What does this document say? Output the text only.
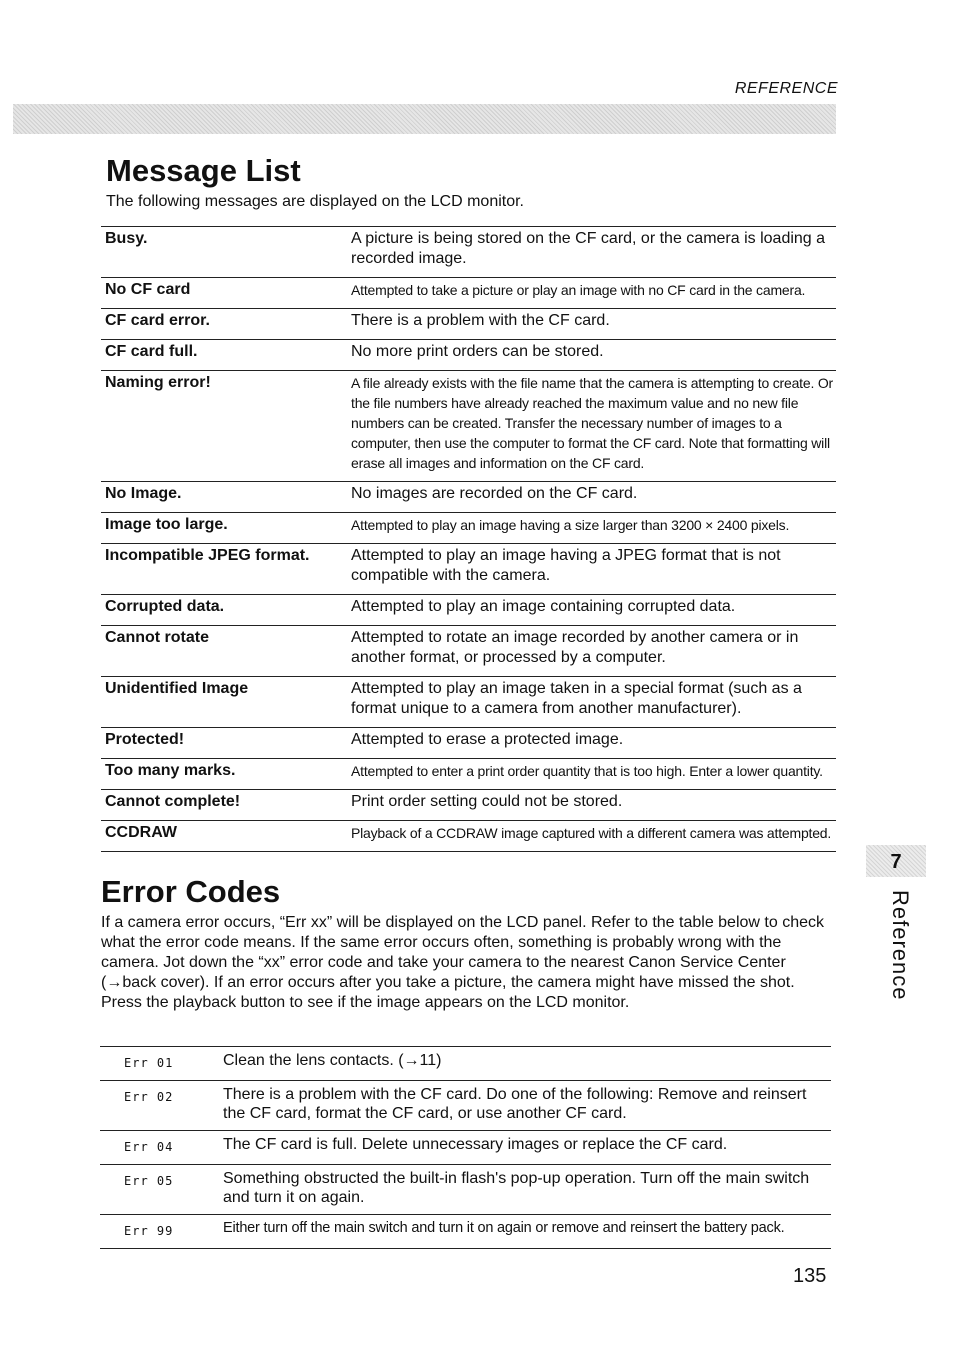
REFERENCE
Message List

The following messages are displayed on the LCD monitor.

Busy.	A picture is being stored on the CF card, or the camera is loading a recorded image.
No CF card	Attempted to take a picture or play an image with no CF card in the camera.
CF card error.	There is a problem with the CF card.
CF card full.	No more print orders can be stored.
Naming error!	A file already exists with the file name that the camera is attempting to create. Or the file numbers have already reached the maximum value and no new file numbers can be created. Transfer the necessary number of images to a computer, then use the computer to format the CF card. Note that formatting will erase all images and information on the CF card.
No Image.	No images are recorded on the CF card.
Image too large.	Attempted to play an image having a size larger than 3200 × 2400 pixels.
Incompatible JPEG format.	Attempted to play an image having a JPEG format that is not compatible with the camera.
Corrupted data.	Attempted to play an image containing corrupted data.
Cannot rotate	Attempted to rotate an image recorded by another camera or in another format, or processed by a computer.
Unidentified Image	Attempted to play an image taken in a special format (such as a format unique to a camera from another manufacturer).
Protected!	Attempted to erase a protected image.
Too many marks.	Attempted to enter a print order quantity that is too high. Enter a lower quantity.
Cannot complete!	Print order setting could not be stored.
CCDRAW	Playback of a CCDRAW image captured with a different camera was attempted.
7
Reference
Error Codes

If a camera error occurs, “Err xx” will be displayed on the LCD panel. Refer to the table below to check what the error code means. If the same error occurs often, something is probably wrong with the camera. Jot down the “xx” error code and take your camera to the nearest Canon Service Center (→back cover). If an error occurs after you take a picture, the camera might have missed the shot. Press the playback button to see if the image appears on the LCD monitor.

Err 01	Clean the lens contacts. (→11)
Err 02	There is a problem with the CF card. Do one of the following: Remove and reinsert the CF card, format the CF card, or use another CF card.
Err 04	The CF card is full. Delete unnecessary images or replace the CF card.
Err 05	Something obstructed the built-in flash's pop-up operation. Turn off the main switch and turn it on again.
Err 99	Either turn off the main switch and turn it on again or remove and reinsert the battery pack.
135
